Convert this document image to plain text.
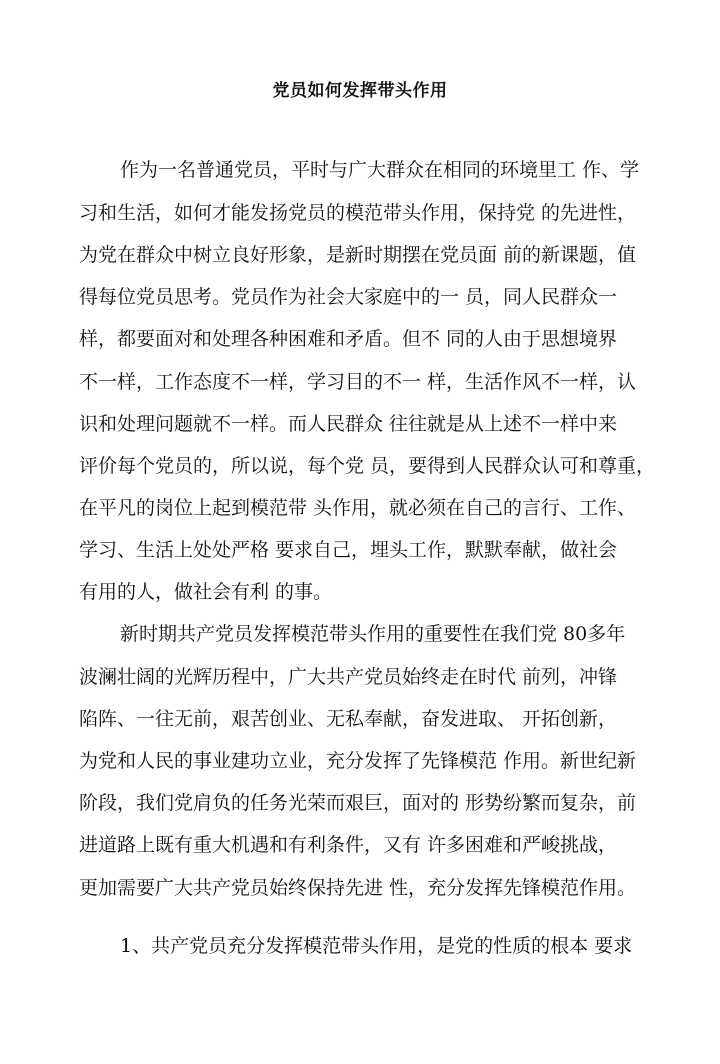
党员如何发挥带头作用
作为一名普通党员，平时与广大群众在相同的环境里工 作、学
习和生活，如何才能发扬党员的模范带头作用，保持党 的先进性，
为党在群众中树立良好形象，是新时期摆在党员面 前的新课题，值
得每位党员思考。党员作为社会大家庭中的一 员，同人民群众一
样，都要面对和处理各种困难和矛盾。但不 同的人由于思想境界
不一样，工作态度不一样，学习目的不一 样，生活作风不一样，认
识和处理问题就不一样。而人民群众 往往就是从上述不一样中来
评价每个党员的，所以说，每个党 员，要得到人民群众认可和尊重，
在平凡的岗位上起到模范带 头作用，就必须在自己的言行、工作、
学习、生活上处处严格 要求自己，埋头工作，默默奉献，做社会
有用的人，做社会有利 的事。
新时期共产党员发挥模范带头作用的重要性在我们党 80多年
波澜壮阔的光辉历程中，广大共产党员始终走在时代 前列，冲锋
陷阵、一往无前，艰苦创业、无私奉献，奋发进取、 开拓创新，
为党和人民的事业建功立业，充分发挥了先锋模范 作用。新世纪新
阶段，我们党肩负的任务光荣而艰巨，面对的 形势纷繁而复杂，前
进道路上既有重大机遇和有利条件，又有 许多困难和严峻挑战，
更加需要广大共产党员始终保持先进 性，充分发挥先锋模范作用。
1、共产党员充分发挥模范带头作用，是党的性质的根本 要求
